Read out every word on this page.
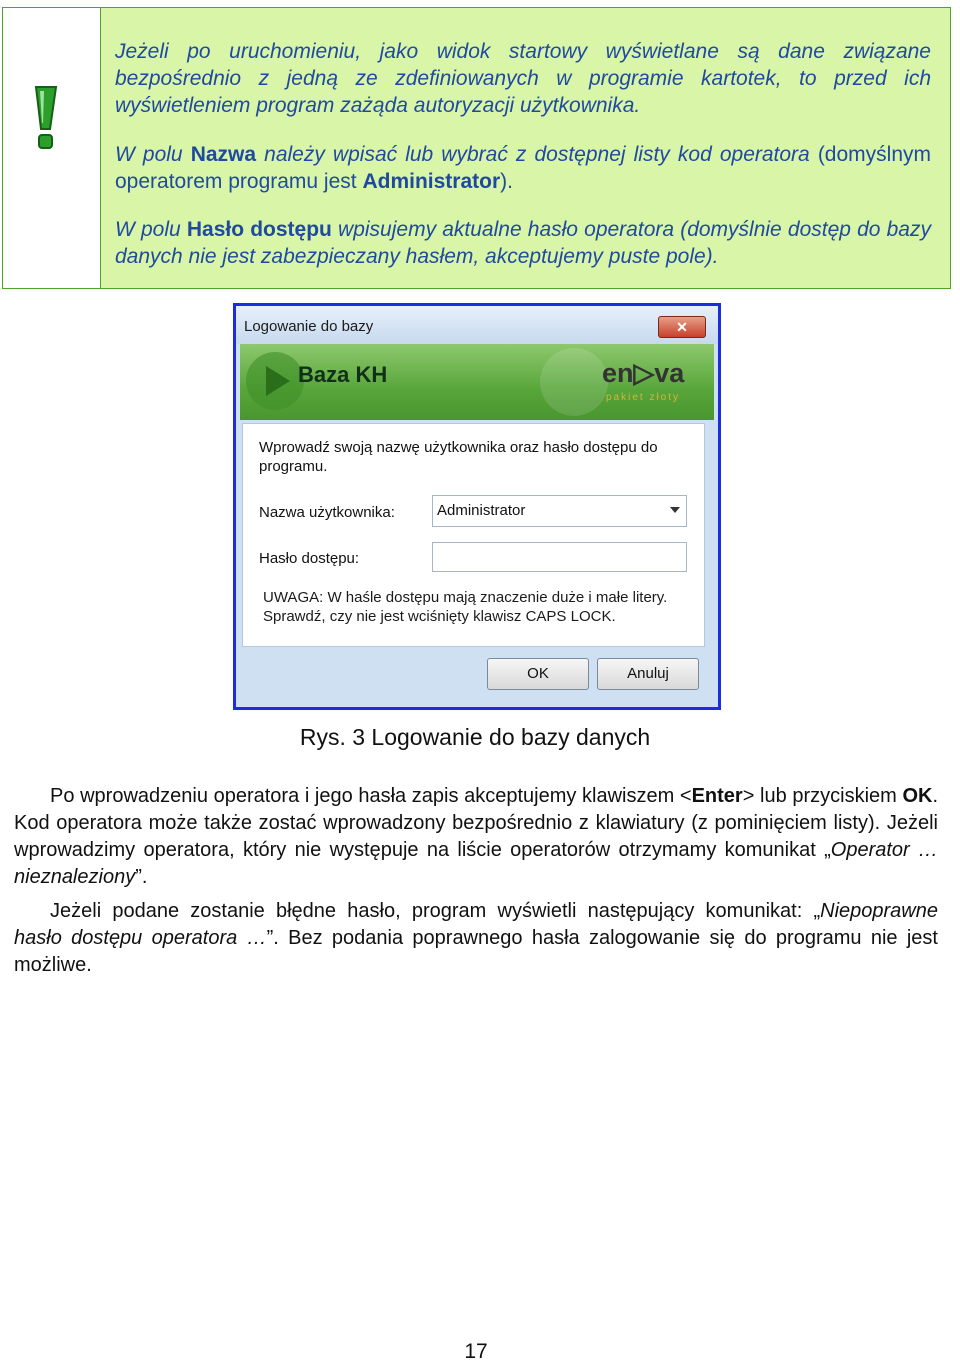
Jeżeli po uruchomieniu, jako widok startowy wyświetlane są dane związane bezpośrednio z jedną ze zdefiniowanych w programie kartotek, to przed ich wyświetleniem program zażąda autoryzacji użytkownika.

W polu Nazwa należy wpisać lub wybrać z dostępnej listy kod operatora (domyślnym operatorem programu jest Administrator).

W polu Hasło dostępu wpisujemy aktualne hasło operatora (domyślnie dostęp do bazy danych nie jest zabezpieczany hasłem, akceptujemy puste pole).

Logowanie do bazy	✕
Baza KH	en▷va
pakiet złoty
Wprowadź swoją nazwę użytkownika oraz hasło dostępu do programu.
Nazwa użytkownika:	Administrator
Hasło dostępu:
UWAGA: W haśle dostępu mają znaczenie duże i małe litery. Sprawdź, czy nie jest wciśnięty klawisz CAPS LOCK.
OK	Anuluj
Rys. 3 Logowanie do bazy danych

Po wprowadzeniu operatora i jego hasła zapis akceptujemy klawiszem <Enter> lub przyciskiem OK. Kod operatora może także zostać wprowadzony bezpośrednio z klawiatury (z pominięciem listy). Jeżeli wprowadzimy operatora, który nie występuje na liście operatorów otrzymamy komunikat „Operator … nieznaleziony”.

Jeżeli podane zostanie błędne hasło, program wyświetli następujący komunikat: „Niepoprawne hasło dostępu operatora …”. Bez podania poprawnego hasła zalogowanie się do programu nie jest możliwe.

17
